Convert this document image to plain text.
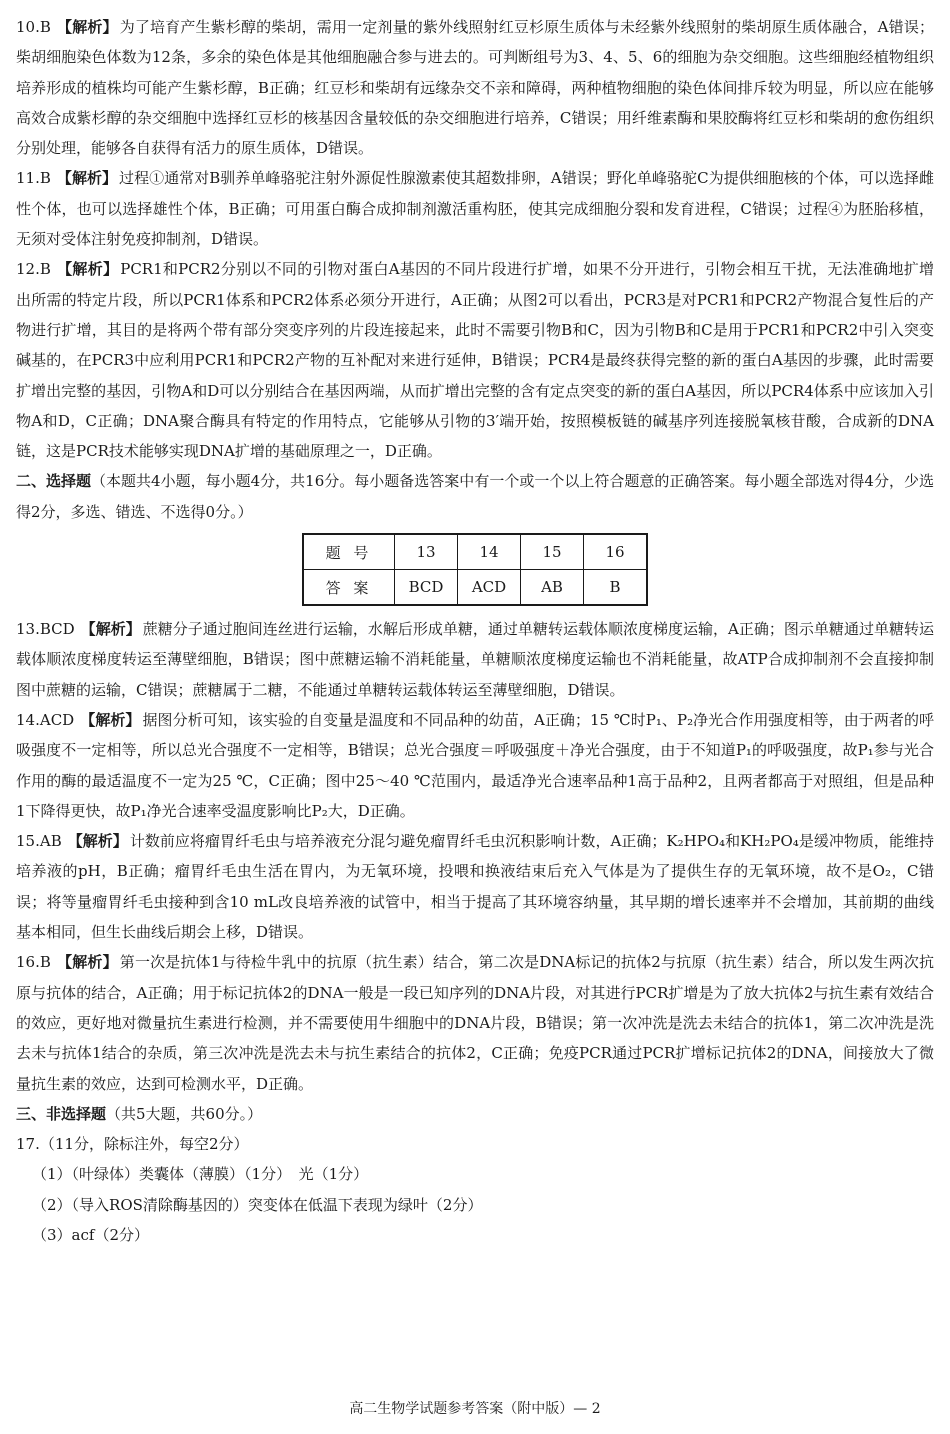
10.B 【解析】 为了培育产生紫杉醇的柴胡，需用一定剂量的紫外线照射红豆杉原生质体与未经紫外线照射的柴胡原生质体融合，A错误；柴胡细胞染色体数为12条，多余的染色体是其他细胞融合参与进去的。可判断组号为3、4、5、6的细胞为杂交细胞。这些细胞经植物组织培养形成的植株均可能产生紫杉醇，B正确；红豆杉和柴胡有远缘杂交不亲和障碍，两种植物细胞的染色体间排斥较为明显，所以应在能够高效合成紫杉醇的杂交细胞中选择红豆杉的核基因含量较低的杂交细胞进行培养，C错误；用纤维素酶和果胶酶将红豆杉和柴胡的愈伤组织分别处理，能够各自获得有活力的原生质体，D错误。

11.B 【解析】 过程①通常对B驯养单峰骆驼注射外源促性腺激素使其超数排卵，A错误；野化单峰骆驼C为提供细胞核的个体，可以选择雌性个体，也可以选择雄性个体，B正确；可用蛋白酶合成抑制剂激活重构胚，使其完成细胞分裂和发育进程，C错误；过程④为胚胎移植，无须对受体注射免疫抑制剂，D错误。

12.B 【解析】 PCR1和PCR2分别以不同的引物对蛋白A基因的不同片段进行扩增，如果不分开进行，引物会相互干扰，无法准确地扩增出所需的特定片段，所以PCR1体系和PCR2体系必须分开进行，A正确；从图2可以看出，PCR3是对PCR1和PCR2产物混合复性后的产物进行扩增，其目的是将两个带有部分突变序列的片段连接起来，此时不需要引物B和C，因为引物B和C是用于PCR1和PCR2中引入突变碱基的，在PCR3中应利用PCR1和PCR2产物的互补配对来进行延伸，B错误；PCR4是最终获得完整的新的蛋白A基因的步骤，此时需要扩增出完整的基因，引物A和D可以分别结合在基因两端，从而扩增出完整的含有定点突变的新的蛋白A基因，所以PCR4体系中应该加入引物A和D，C正确；DNA聚合酶具有特定的作用特点，它能够从引物的3′端开始，按照模板链的碱基序列连接脱氧核苷酸，合成新的DNA链，这是PCR技术能够实现DNA扩增的基础原理之一，D正确。

二、选择题（本题共4小题，每小题4分，共16分。每小题备选答案中有一个或一个以上符合题意的正确答案。每小题全部选对得4分，少选得2分，多选、错选、不选得0分。）

题 号	13	14	15	16
答 案	BCD	ACD	AB	B

13.BCD 【解析】 蔗糖分子通过胞间连丝进行运输，水解后形成单糖，通过单糖转运载体顺浓度梯度运输，A正确；图示单糖通过单糖转运载体顺浓度梯度转运至薄壁细胞，B错误；图中蔗糖运输不消耗能量，单糖顺浓度梯度运输也不消耗能量，故ATP合成抑制剂不会直接抑制图中蔗糖的运输，C错误；蔗糖属于二糖，不能通过单糖转运载体转运至薄壁细胞，D错误。

14.ACD 【解析】 据图分析可知，该实验的自变量是温度和不同品种的幼苗，A正确；15 ℃时P₁、P₂净光合作用强度相等，由于两者的呼吸强度不一定相等，所以总光合强度不一定相等，B错误；总光合强度＝呼吸强度＋净光合强度，由于不知道P₁的呼吸强度，故P₁参与光合作用的酶的最适温度不一定为25 ℃，C正确；图中25～40 ℃范围内，最适净光合速率品种1高于品种2，且两者都高于对照组，但是品种1下降得更快，故P₁净光合速率受温度影响比P₂大，D正确。

15.AB 【解析】 计数前应将瘤胃纤毛虫与培养液充分混匀避免瘤胃纤毛虫沉积影响计数，A正确；K₂HPO₄和KH₂PO₄是缓冲物质，能维持培养液的pH，B正确；瘤胃纤毛虫生活在胃内，为无氧环境，投喂和换液结束后充入气体是为了提供生存的无氧环境，故不是O₂，C错误；将等量瘤胃纤毛虫接种到含10 mL改良培养液的试管中，相当于提高了其环境容纳量，其早期的增长速率并不会增加，其前期的曲线基本相同，但生长曲线后期会上移，D错误。

16.B 【解析】 第一次是抗体1与待检牛乳中的抗原（抗生素）结合，第二次是DNA标记的抗体2与抗原（抗生素）结合，所以发生两次抗原与抗体的结合，A正确；用于标记抗体2的DNA一般是一段已知序列的DNA片段，对其进行PCR扩增是为了放大抗体2与抗生素有效结合的效应，更好地对微量抗生素进行检测，并不需要使用牛细胞中的DNA片段，B错误；第一次冲洗是洗去未结合的抗体1，第二次冲洗是洗去未与抗体1结合的杂质，第三次冲洗是洗去未与抗生素结合的抗体2，C正确；免疫PCR通过PCR扩增标记抗体2的DNA，间接放大了微量抗生素的效应，达到可检测水平，D正确。

三、非选择题（共5大题，共60分。）

17.（11分，除标注外，每空2分）

（1）（叶绿体）类囊体（薄膜）（1分）　光（1分）

（2）（导入ROS清除酶基因的）突变体在低温下表现为绿叶（2分）

（3）acf（2分）

高二生物学试题参考答案（附中版）— 2
